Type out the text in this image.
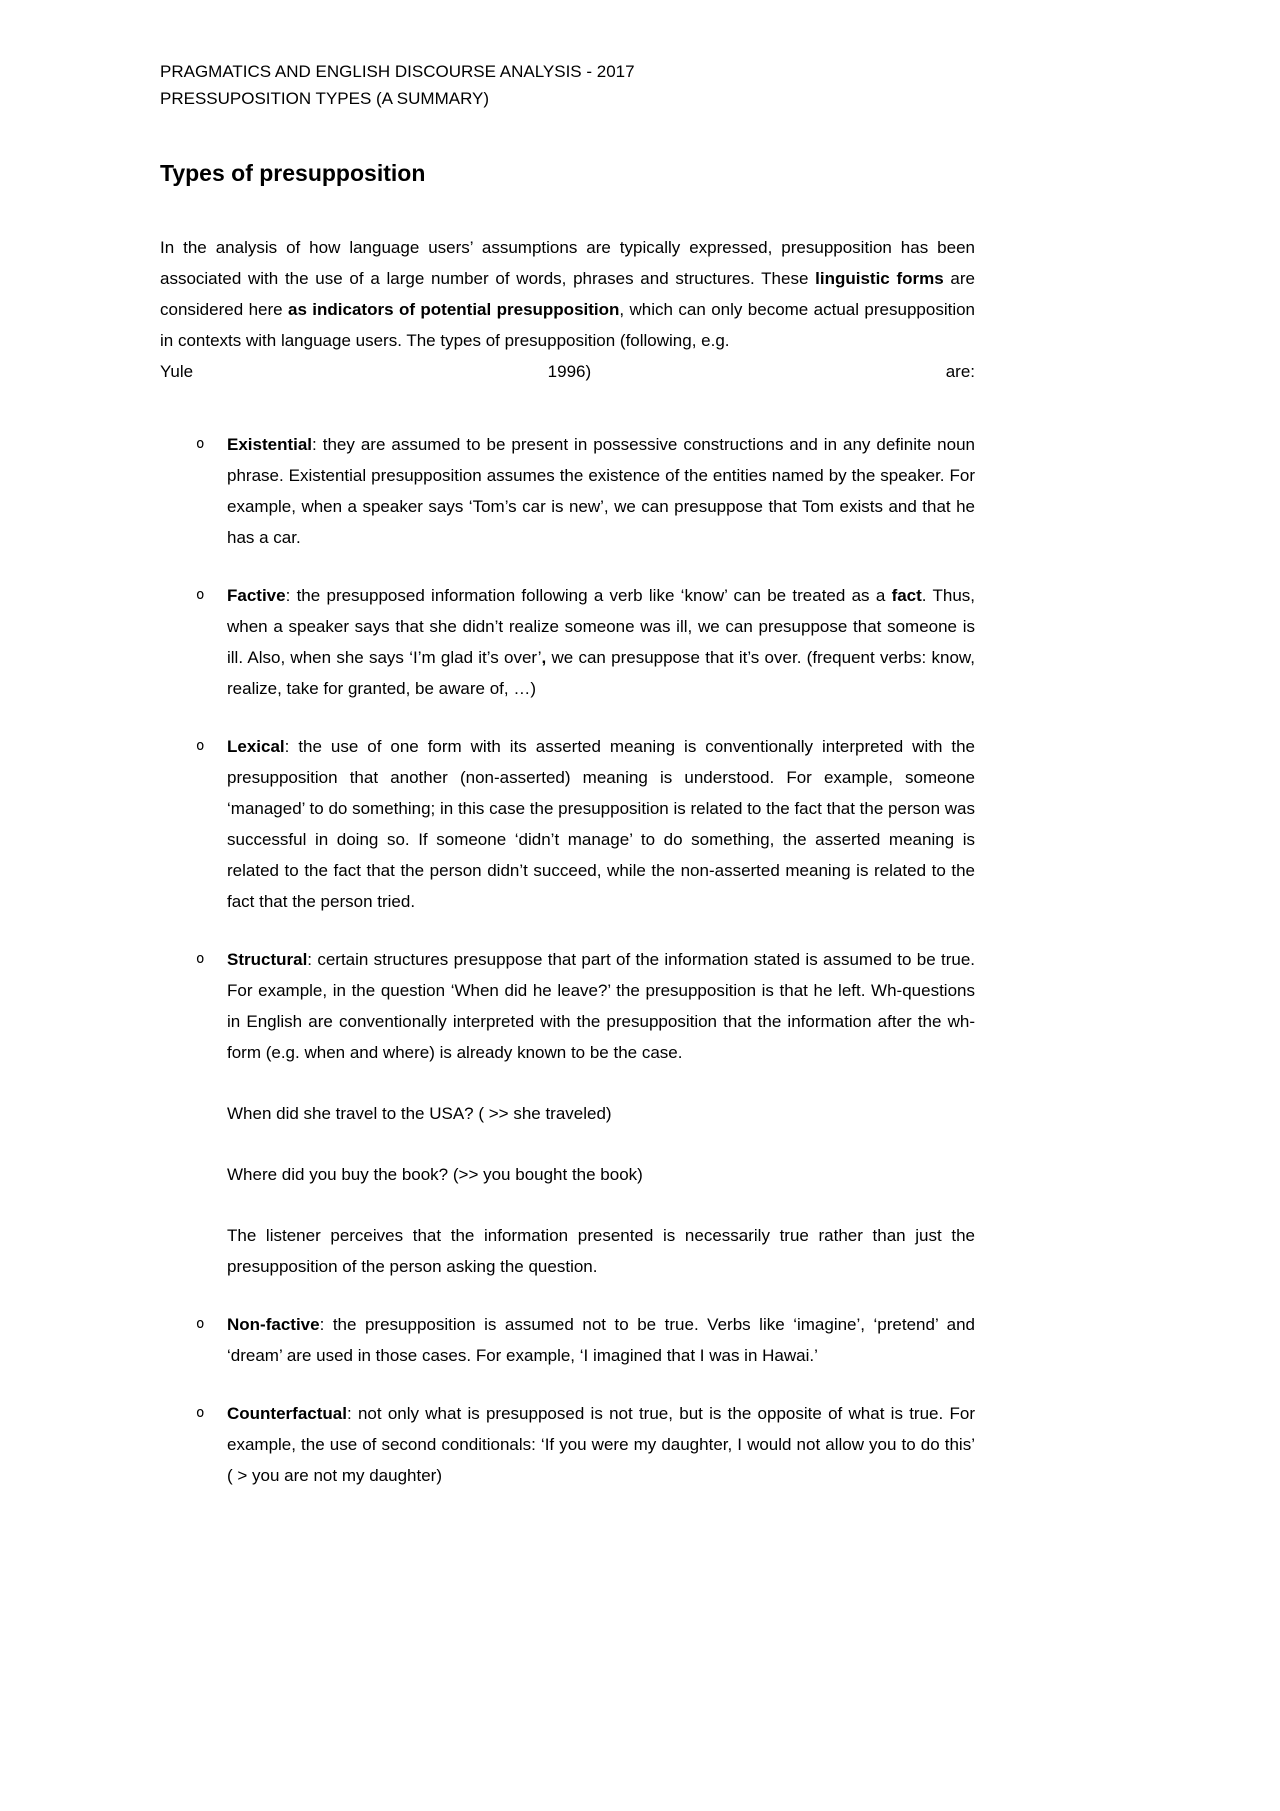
PRAGMATICS AND ENGLISH DISCOURSE ANALYSIS - 2017
PRESSUPOSITION TYPES (A SUMMARY)
Types of presupposition

In the analysis of how language users’ assumptions are typically expressed, presupposition has been associated with the use of a large number of words, phrases and structures. These linguistic forms are considered here as indicators of potential presupposition, which can only become actual presupposition in contexts with language users. The types of presupposition (following, e.g.

Yule	1996)	are:
o	Existential: they are assumed to be present in possessive constructions and in any definite noun phrase. Existential presupposition assumes the existence of the entities named by the speaker. For example, when a speaker says ‘Tom’s car is new’, we can presuppose that Tom exists and that he has a car.
o	Factive: the presupposed information following a verb like ‘know’ can be treated as a fact. Thus, when a speaker says that she didn’t realize someone was ill, we can presuppose that someone is ill. Also, when she says ‘I’m glad it’s over’, we can presuppose that it’s over. (frequent verbs: know, realize, take for granted, be aware of, …)
o	Lexical: the use of one form with its asserted meaning is conventionally interpreted with the presupposition that another (non-asserted) meaning is understood. For example, someone ‘managed’ to do something; in this case the presupposition is related to the fact that the person was successful in doing so. If someone ‘didn’t manage’ to do something, the asserted meaning is related to the fact that the person didn’t succeed, while the non-asserted meaning is related to the fact that the person tried.
o	Structural: certain structures presuppose that part of the information stated is assumed to be true. For example, in the question ‘When did he leave?’ the presupposition is that he left. Wh-questions in English are conventionally interpreted with the presupposition that the information after the wh-form (e.g. when and where) is already known to be the case.

When did she travel to the USA? ( >> she traveled)

Where did you buy the book? (>> you bought the book)

The listener perceives that the information presented is necessarily true rather than just the presupposition of the person asking the question.

o	Non-factive: the presupposition is assumed not to be true. Verbs like ‘imagine’, ‘pretend’ and ‘dream’ are used in those cases. For example, ‘I imagined that I was in Hawai.’
o	Counterfactual: not only what is presupposed is not true, but is the opposite of what is true. For example, the use of second conditionals: ‘If you were my daughter, I would not allow you to do this’ ( > you are not my daughter)
